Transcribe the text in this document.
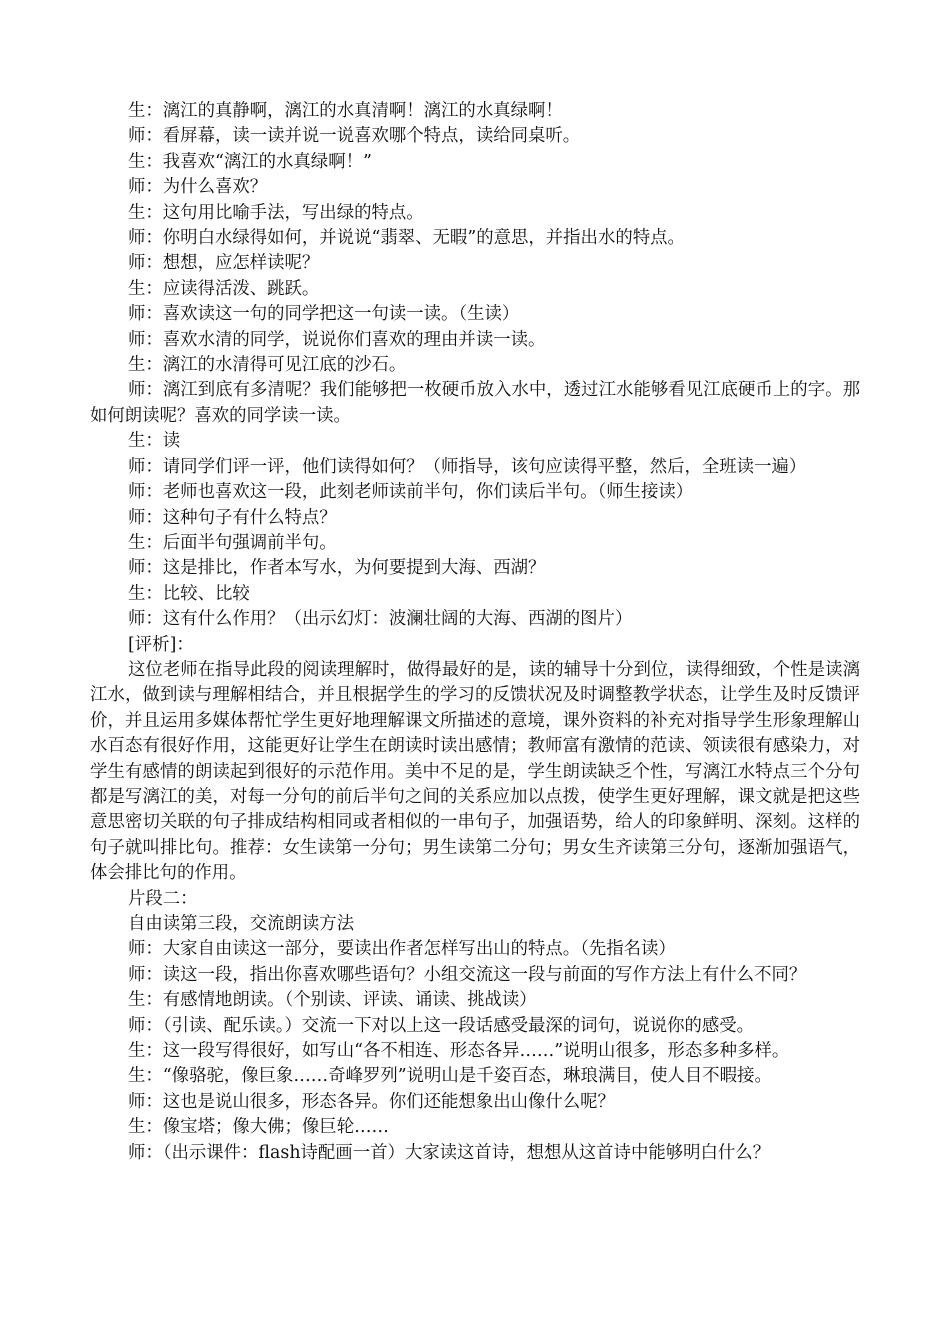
生：漓江的真静啊，漓江的水真清啊！漓江的水真绿啊！

师：看屏幕，读一读并说一说喜欢哪个特点，读给同桌听。

生：我喜欢“漓江的水真绿啊！”

师：为什么喜欢？

生：这句用比喻手法，写出绿的特点。

师：你明白水绿得如何，并说说“翡翠、无暇”的意思，并指出水的特点。

师：想想，应怎样读呢？

生：应读得活泼、跳跃。

师：喜欢读这一句的同学把这一句读一读。（生读）

师：喜欢水清的同学，说说你们喜欢的理由并读一读。

生：漓江的水清得可见江底的沙石。

师：漓江到底有多清呢？我们能够把一枚硬币放入水中，透过江水能够看见江底硬币上的字。那如何朗读呢？喜欢的同学读一读。

生：读

师：请同学们评一评，他们读得如何？（师指导，该句应读得平整，然后，全班读一遍）

师：老师也喜欢这一段，此刻老师读前半句，你们读后半句。（师生接读）

师：这种句子有什么特点？

生：后面半句强调前半句。

师：这是排比，作者本写水，为何要提到大海、西湖？

生：比较、比较

师：这有什么作用？（出示幻灯：波澜壮阔的大海、西湖的图片）

[评析]：

这位老师在指导此段的阅读理解时，做得最好的是，读的辅导十分到位，读得细致，个性是读漓江水，做到读与理解相结合，并且根据学生的学习的反馈状况及时调整教学状态，让学生及时反馈评价，并且运用多媒体帮忙学生更好地理解课文所描述的意境，课外资料的补充对指导学生形象理解山水百态有很好作用，这能更好让学生在朗读时读出感情；教师富有激情的范读、领读很有感染力，对学生有感情的朗读起到很好的示范作用。美中不足的是，学生朗读缺乏个性，写漓江水特点三个分句都是写漓江的美，对每一分句的前后半句之间的关系应加以点拨，使学生更好理解，课文就是把这些意思密切关联的句子排成结构相同或者相似的一串句子，加强语势，给人的印象鲜明、深刻。这样的句子就叫排比句。推荐：女生读第一分句；男生读第二分句；男女生齐读第三分句，逐渐加强语气，体会排比句的作用。

片段二：

自由读第三段，交流朗读方法

师：大家自由读这一部分，要读出作者怎样写出山的特点。（先指名读）

师：读这一段，指出你喜欢哪些语句？小组交流这一段与前面的写作方法上有什么不同？

生：有感情地朗读。（个别读、评读、诵读、挑战读）

师：（引读、配乐读。）交流一下对以上这一段话感受最深的词句，说说你的感受。

生：这一段写得很好，如写山“各不相连、形态各异……”说明山很多，形态多种多样。

生：“像骆驼，像巨象……奇峰罗列”说明山是千姿百态，琳琅满目，使人目不暇接。

师：这也是说山很多，形态各异。你们还能想象出山像什么呢？

生：像宝塔；像大佛；像巨轮……

师：（出示课件：flash诗配画一首）大家读这首诗，想想从这首诗中能够明白什么？
